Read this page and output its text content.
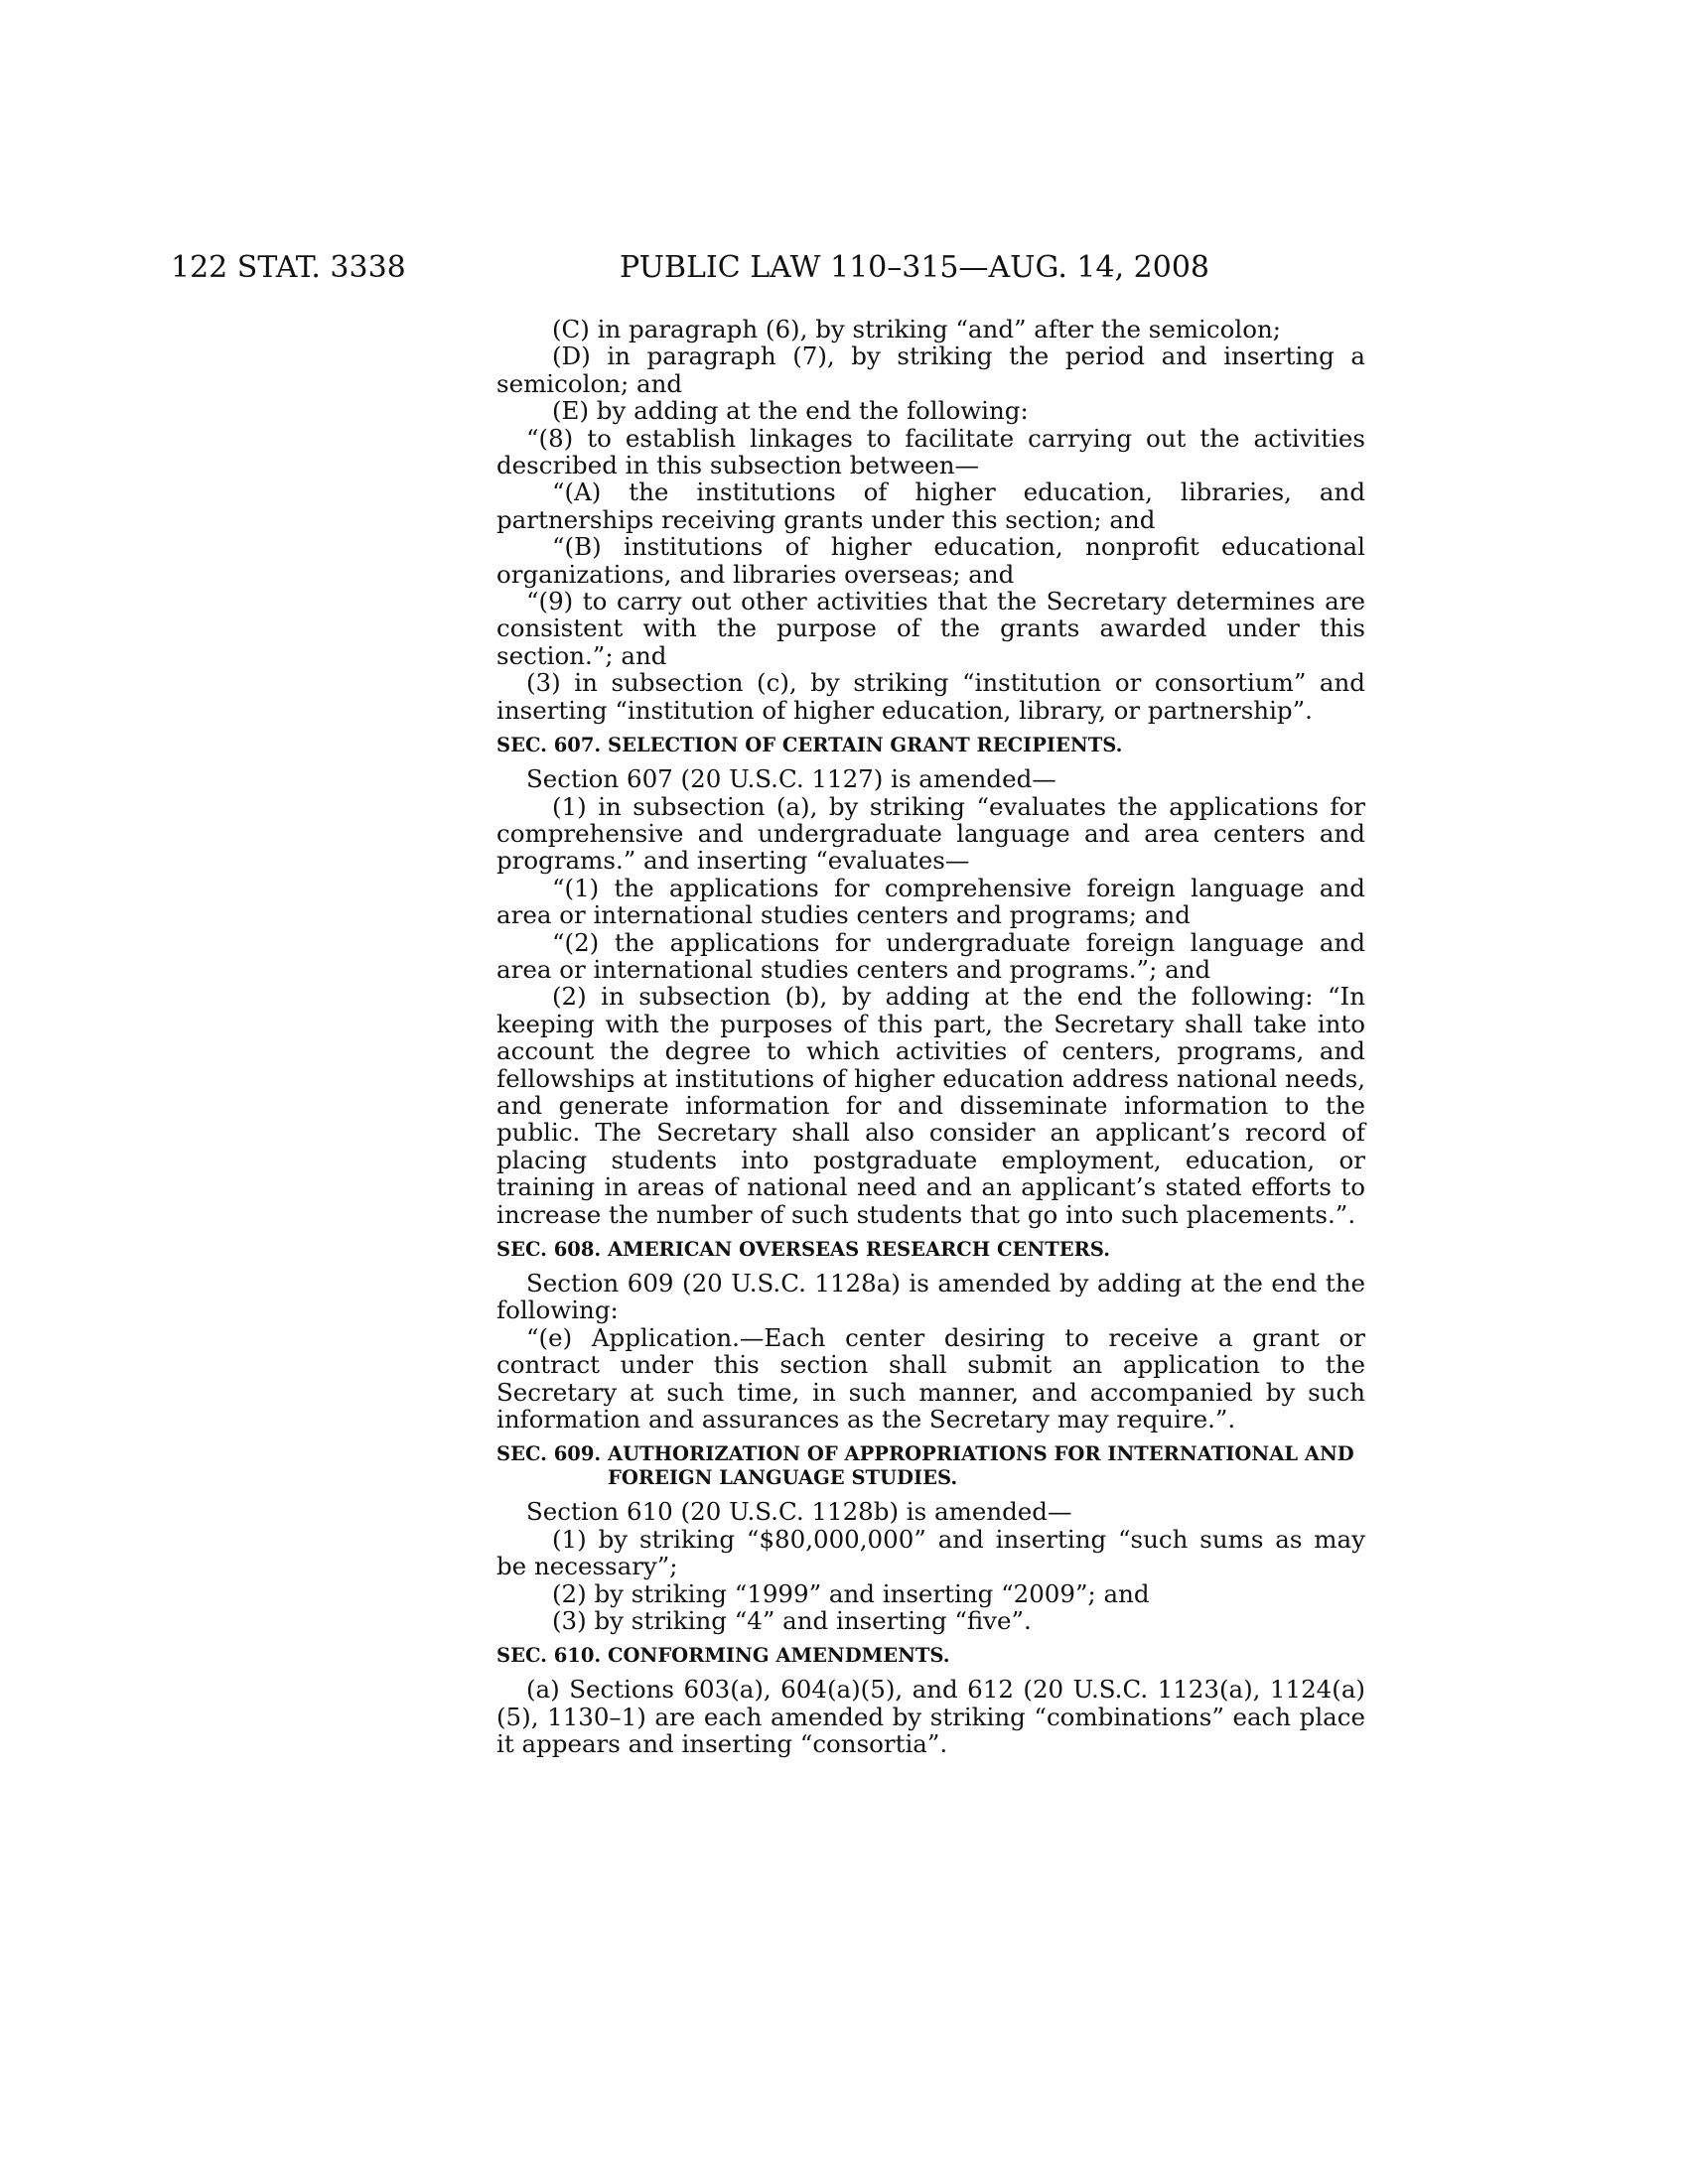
122 STAT. 3338	PUBLIC LAW 110–315—AUG. 14, 2008

(C) in paragraph (6), by striking “and” after the semicolon;

(D) in paragraph (7), by striking the period and inserting a semicolon; and

(E) by adding at the end the following:

“(8) to establish linkages to facilitate carrying out the activities described in this subsection between—

“(A) the institutions of higher education, libraries, and partnerships receiving grants under this section; and

“(B) institutions of higher education, nonprofit educational organizations, and libraries overseas; and

“(9) to carry out other activities that the Secretary determines are consistent with the purpose of the grants awarded under this section.”; and

(3) in subsection (c), by striking “institution or consortium” and inserting “institution of higher education, library, or partnership”.

SEC. 607. SELECTION OF CERTAIN GRANT RECIPIENTS.

Section 607 (20 U.S.C. 1127) is amended—

(1) in subsection (a), by striking “evaluates the applications for comprehensive and undergraduate language and area centers and programs.” and inserting “evaluates—

“(1) the applications for comprehensive foreign language and area or international studies centers and programs; and

“(2) the applications for undergraduate foreign language and area or international studies centers and programs.”; and

(2) in subsection (b), by adding at the end the following: “In keeping with the purposes of this part, the Secretary shall take into account the degree to which activities of centers, programs, and fellowships at institutions of higher education address national needs, and generate information for and disseminate information to the public. The Secretary shall also consider an applicant’s record of placing students into postgraduate employment, education, or training in areas of national need and an applicant’s stated efforts to increase the number of such students that go into such placements.”.

SEC. 608. AMERICAN OVERSEAS RESEARCH CENTERS.

Section 609 (20 U.S.C. 1128a) is amended by adding at the end the following:

“(e) Application.—Each center desiring to receive a grant or contract under this section shall submit an application to the Secretary at such time, in such manner, and accompanied by such information and assurances as the Secretary may require.”.

SEC. 609. AUTHORIZATION OF APPROPRIATIONS FOR INTERNATIONAL AND FOREIGN LANGUAGE STUDIES.

Section 610 (20 U.S.C. 1128b) is amended—

(1) by striking “$80,000,000” and inserting “such sums as may be necessary”;

(2) by striking “1999” and inserting “2009”; and

(3) by striking “4” and inserting “five”.

SEC. 610. CONFORMING AMENDMENTS.

(a) Sections 603(a), 604(a)(5), and 612 (20 U.S.C. 1123(a), 1124(a)(5), 1130–1) are each amended by striking “combinations” each place it appears and inserting “consortia”.
